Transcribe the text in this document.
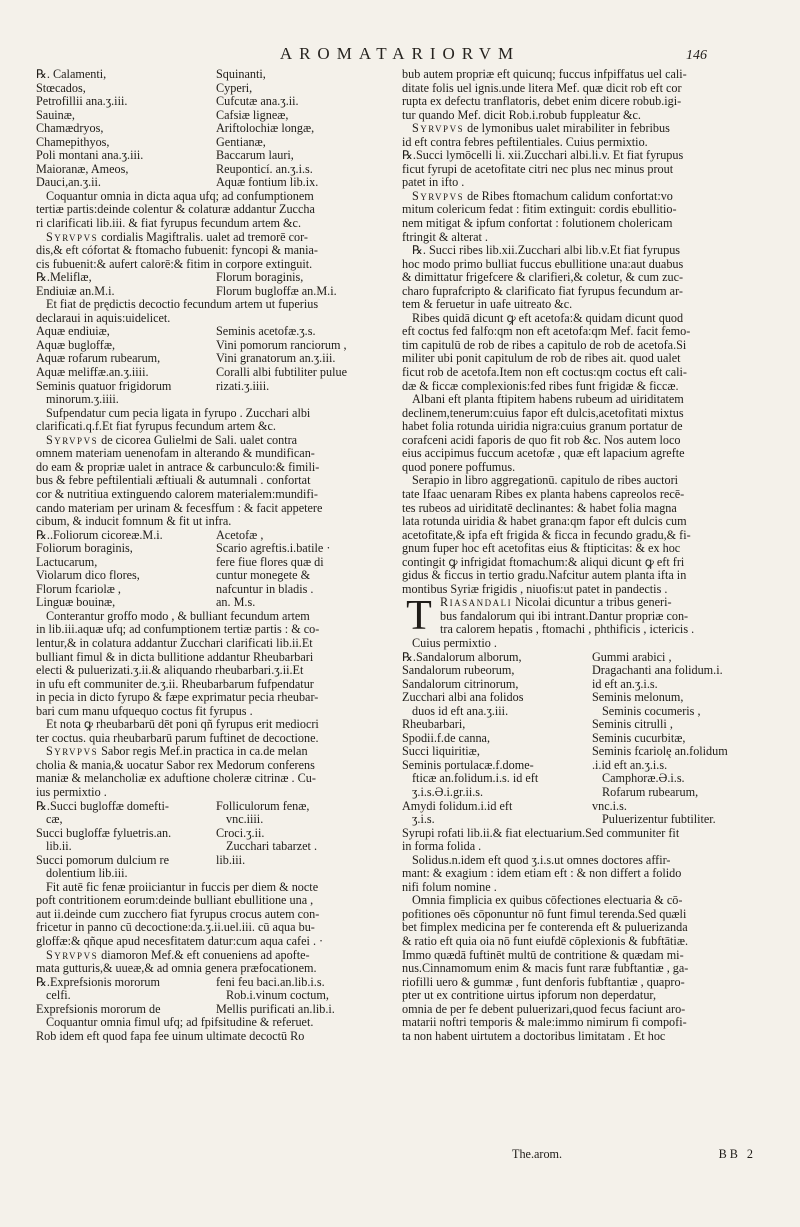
AROMATARIORVM	146
℞. Calamenti,	Squinanti,
Stœcados,	Cyperi,
Petrofillii ana.ʒ.iii.	Cufcutæ ana.ʒ.ii.
Sauinæ,	Cafsiæ ligneæ,
Chamædryos,	Ariftolochiæ longæ,
Chamepithyos,	Gentianæ,
Poli montani ana.ʒ.iii.	Baccarum lauri,
Maioranæ, Ameos,	Reuponticí. an.ʒ.i.s.
Dauci,an.ʒ.ii.	Aquæ fontium lib.ix.
Coquantur omnia in dicta aqua ufq; ad confumptionem
tertiæ partis:deinde colentur & colaturæ addantur Zuccha
ri clarificati lib.iii. & fiat fyrupus fecundum artem &c.
Syrvpvs cordialis Magiftralis. ualet ad tremorē cor-
dis,& eft cófortat & ftomacho fubuenit: fyncopi & mania-
cis fubuenit:& aufert calorē:& fitim in corpore extinguit.
℞.Meliflæ,	Florum boraginis,
Endiuiæ an.M.i.	Florum bugloffæ an.M.i.
Et fiat de prędictis decoctio fecundum artem ut fuperius
declaraui in aquis:uidelicet.
Aquæ endiuiæ,	Seminis acetofæ.ʒ.s.
Aquæ bugloffæ,	Vini pomorum ranciorum ,
Aquæ rofarum rubearum,	Vini granatorum an.ʒ.iii.
Aquæ meliffæ.an.ʒ.iiii.	Coralli albi fubtiliter pulue
Seminis quatuor frigidorum	rizati.ʒ.iiii.
minorum.ʒ.iiii.
Sufpendatur cum pecia ligata in fyrupo . Zucchari albi
clarificati.q.f.Et fiat fyrupus fecundum artem &c.
Syrvpvs de cicorea Gulielmi de Sali. ualet contra
omnem materiam uenenofam in alterando & mundifican-
do eam & propriæ ualet in antrace & carbunculo:& fimili-
bus & febre peftilentiali æftiuali & autumnali . confortat
cor & nutritiua extinguendo calorem materialem:mundifi-
cando materiam per urinam & fecesffum : & facit appetere
cibum, & inducit fomnum & fit ut infra.
℞..Foliorum cicoreæ.M.i.	Acetofæ ,
Foliorum boraginis,	Scario agreftis.i.batile ·
Lactucarum,	fere fiue flores quæ di
Violarum dico flores,	cuntur monegete &
Florum fcariolæ ,	nafcuntur in bladis .
Linguæ bouinæ,	an. M.s.
Conterantur groffo modo , & bulliant fecundum artem
in lib.iii.aquæ ufq; ad confumptionem tertiæ partis : & co-
lentur,& in colatura addantur Zucchari clarificati lib.ii.Et
bulliant fimul & in dicta bullitione addantur Rheubarbari
electi & puluerizati.ʒ.ii.& aliquando rheubarbari.ʒ.ii.Et
in ufu eft communiter de.ʒ.ii. Rheubarbarum fufpendatur
in pecia in dicto fyrupo & fæpe exprimatur pecia rheubar-
bari cum manu ufquequo coctus fit fyrupus .
Et nota ꝙ rheubarbarū dēt poni qñ fyrupus erit mediocri
ter coctus. quia rheubarbarū parum fuftinet de decoctione.
Syrvpvs Sabor regis Mef.in practica in ca.de melan
cholia & mania,& uocatur Sabor rex Medorum conferens
maniæ & melancholiæ ex aduftione choleræ citrinæ . Cu-
ius permixtio .
℞.Succi bugloffæ domefti-	Folliculorum fenæ,
cæ,	vnc.iiii.
Succi bugloffæ fyluetris.an.	Croci.ʒ.ii.
lib.ii.	Zucchari tabarzet .
Succi pomorum dulcium re	lib.iii.
dolentium lib.iii.
Fit autē fic fenæ proiiciantur in fuccis per diem & nocte
poft contritionem eorum:deinde bulliant ebullitione una ,
aut ii.deinde cum zucchero fiat fyrupus crocus autem con-
fricetur in panno cū decoctione:da.ʒ.ii.uel.iii. cū aqua bu-
gloffæ:& qñque apud necesfitatem datur:cum aqua cafei . ·
Syrvpvs diamoron Mef.& eft conueniens ad apofte-
mata gutturis,& uueæ,& ad omnia genera præfocationem.
℞.Exprefsionis mororum	feni feu baci.an.lib.i.s.
celfi.	Rob.i.vinum coctum,
Exprefsionis mororum de	Mellis purificati an.lib.i.
Coquantur omnia fimul ufq; ad fpifsitudine & referuet.
Rob idem eft quod fapa fee uinum ultimate decoctū Ro
bub autem propriæ eft quicunq; fuccus infpiffatus uel cali-
ditate folis uel ignis.unde litera Mef. quæ dicit rob eft cor
rupta ex defectu tranflatoris, debet enim dicere robub.igi-
tur quando Mef. dicit Rob.i.robub fuppleatur &c.
Syrvpvs de lymonibus ualet mirabiliter in febribus
id eft contra febres peftilentiales. Cuius permixtio.
℞.Succi lymōcelli li. xii.Zucchari albi.li.v. Et fiat fyrupus
ficut fyrupi de acetofitate citri nec plus nec minus prout
patet in ifto .
Syrvpvs de Ribes ftomachum calidum confortat:vo
mitum colericum fedat : fitim extinguit: cordis ebullitio-
nem mitigat & ipfum confortat : folutionem cholericam
ftringit & alterat .
℞. Succi ribes lib.xii.Zucchari albi lib.v.Et fiat fyrupus
hoc modo primo bulliat fuccus ebullitione una:aut duabus
& dimittatur frigefcere & clarifieri,& coletur, & cum zuc-
charo fuprafcripto & clarificato fiat fyrupus fecundum ar-
tem & feruetur in uafe uitreato &c.
Ribes quidā dicunt ꝙ eft acetofa:& quidam dicunt quod
eft coctus fed falfo:qm non eft acetofa:qm Mef. facit femo-
tim capitulū de rob de ribes a capitulo de rob de acetofa.Si
militer ubi ponit capitulum de rob de ribes ait. quod ualet
ficut rob de acetofa.Item non eft coctus:qm coctus eft cali-
dæ & ficcæ complexionis:fed ribes funt frigidæ & ficcæ.
Albani eft planta ftipitem habens rubeum ad uiriditatem
declinem,tenerum:cuius fapor eft dulcis,acetofitati mixtus
habet folia rotunda uiridia nigra:cuius granum portatur de
corafceni acidi faporis de quo fit rob &c. Nos autem loco
eius accipimus fuccum acetofæ , quæ eft lapacium agrefte
quod ponere poffumus.
Serapio in libro aggregationū. capitulo de ribes auctori
tate Ifaac uenaram Ribes ex planta habens capreolos recē-
tes rubeos ad uiriditatē declinantes: & habet folia magna
lata rotunda uiridia & habet grana:qm fapor eft dulcis cum
acetofitate,& ipfa eft frigida & ficca in fecundo gradu,& fi-
gnum fuper hoc eft acetofitas eius & ftipticitas: & ex hoc
contingit ꝙ infrigidat ftomachum:& aliqui dicunt ꝙ eft fri
gidus & ficcus in tertio gradu.Nafcitur autem planta ifta in
montibus Syriæ frigidis , niuofis:ut patet in pandectis .
T Riasandali Nicolai dicuntur a tribus generi-
bus fandalorum qui ibi intrant.Dantur propriæ con-
tra calorem hepatis , ftomachi , phthificis , ictericis .
Cuius permixtio .
℞.Sandalorum alborum,	Gummi arabici ,
Sandalorum rubeorum,	Dragachanti ana folidum.i.
Sandalorum citrinorum,	id eft an.ʒ.i.s.
Zucchari albi ana folidos	Seminis melonum,
duos id eft ana.ʒ.iii.	Seminis cocumeris ,
Rheubarbari,	Seminis citrulli ,
Spodii.f.de canna,	Seminis cucurbitæ,
Succi liquiritiæ,	Seminis fcariolę an.folidum
Seminis portulacæ.f.dome-	.i.id eft an.ʒ.i.s.
fticæ an.folidum.i.s. id eft	Camphoræ.Ə.i.s.
ʒ.i.s.Ə.i.gr.ii.s.	Rofarum rubearum,
Amydi folidum.i.id eft	vnc.i.s.
ʒ.i.s.	Puluerizentur fubtiliter.
Syrupi rofati lib.ii.& fiat electuarium.Sed communiter fit
in forma folida .
Solidus.n.idem eft quod ʒ.i.s.ut omnes doctores affir-
mant: & exagium : idem etiam eft : & non differt a folido
nifi folum nomine .
Omnia fimplicia ex quibus cōfectiones electuaria & cō-
pofitiones oēs cōponuntur nō funt fimul terenda.Sed quæli
bet fimplex medicina per fe conterenda eft & puluerizanda
& ratio eft quia oia nō funt eiufdē cōplexionis & fubftātiæ.
Immo quædā fuftinēt multū de contritione & quædam mi-
nus.Cinnamomum enim & macis funt raræ fubftantiæ , ga-
riofilli uero & gummæ , funt denforis fubftantiæ , quapro-
pter ut ex contritione uirtus ipforum non deperdatur,
omnia de per fe debent puluerizari,quod fecus faciunt aro-
matarii noftri temporis & male:immo nimirum fi compofi-
ta non habent uirtutem a doctoribus limitatam . Et hoc
The.arom.	BB 2
